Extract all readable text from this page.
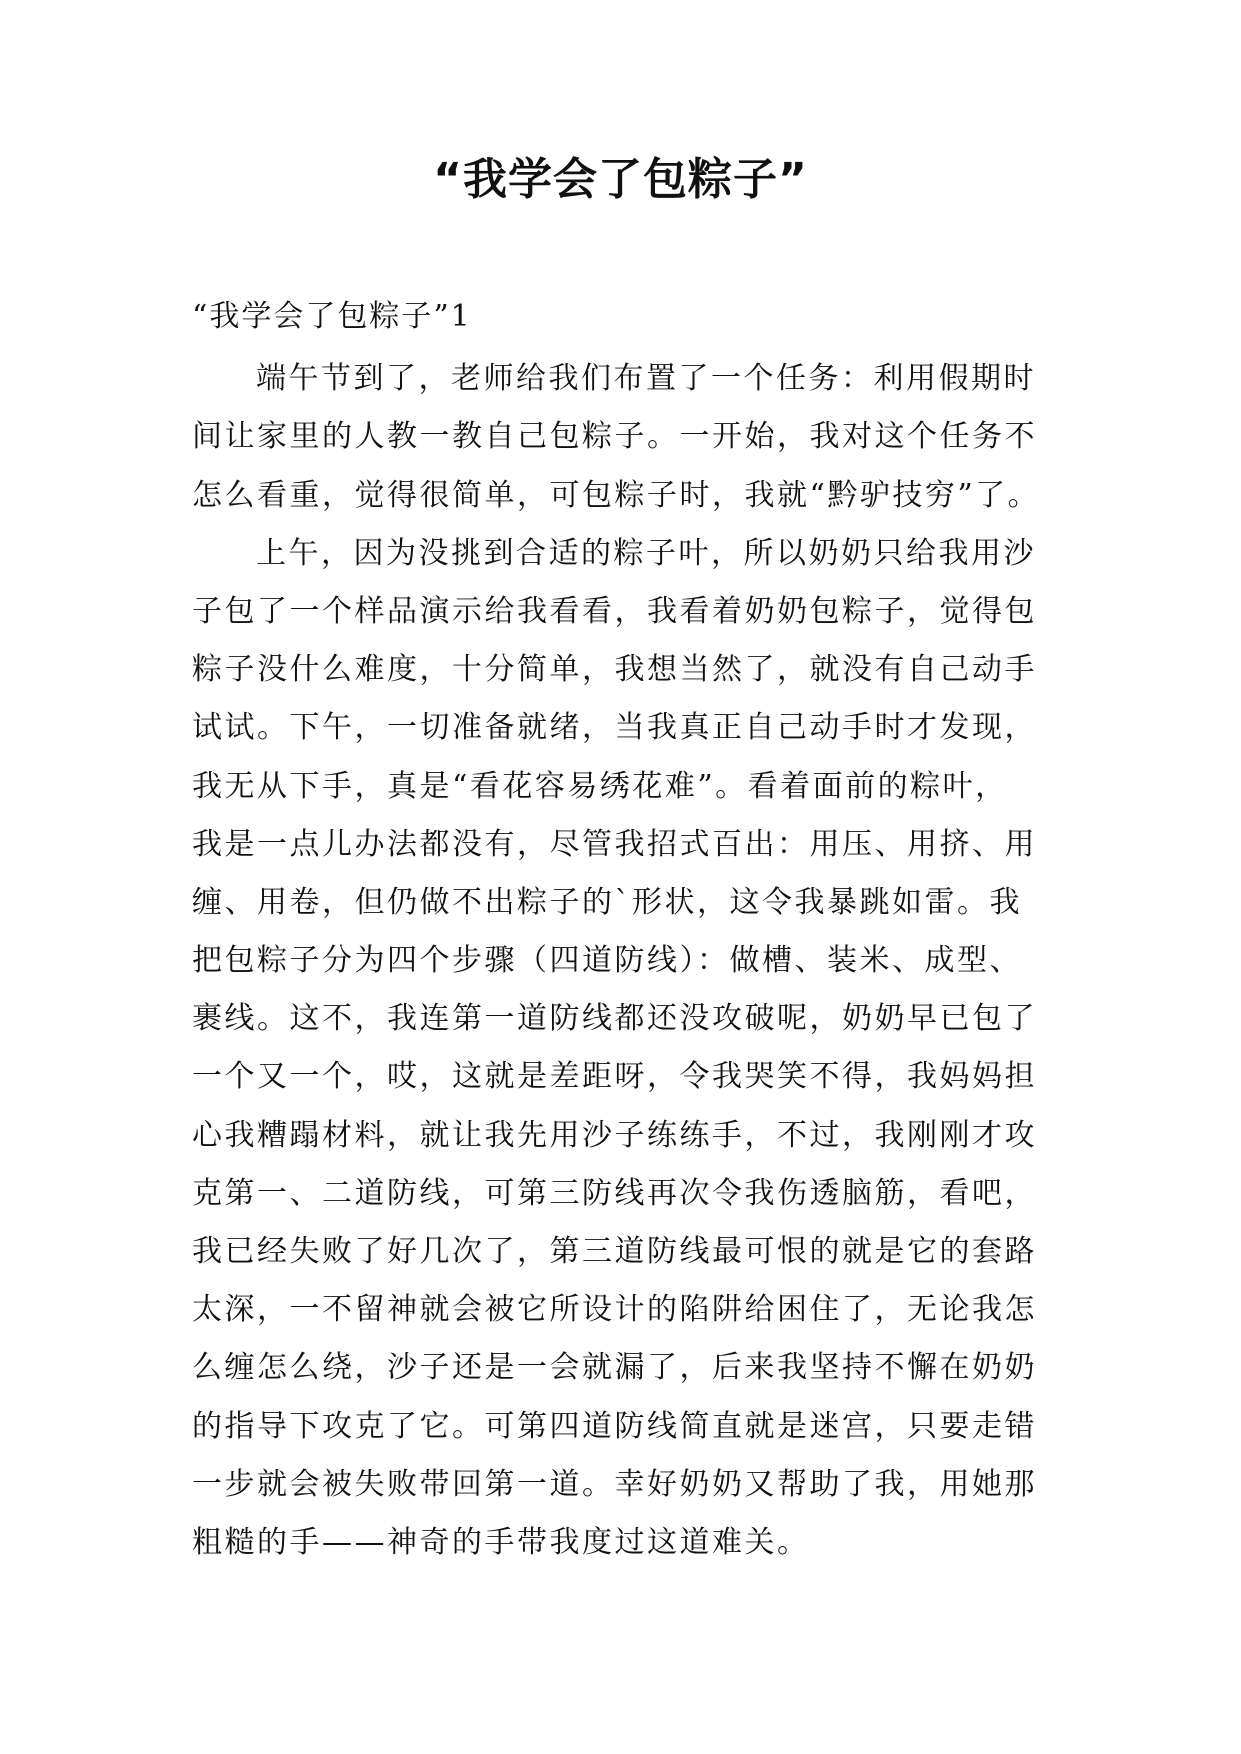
“我学会了包粽子”
“我学会了包粽子”1
端午节到了，老师给我们布置了一个任务：利用假期时
间让家里的人教一教自己包粽子。一开始，我对这个任务不
怎么看重，觉得很简单，可包粽子时，我就“黔驴技穷”了。
上午，因为没挑到合适的粽子叶，所以奶奶只给我用沙
子包了一个样品演示给我看看，我看着奶奶包粽子，觉得包
粽子没什么难度，十分简单，我想当然了，就没有自己动手
试试。下午，一切准备就绪，当我真正自己动手时才发现，
我无从下手，真是“看花容易绣花难”。看着面前的粽叶，
我是一点儿办法都没有，尽管我招式百出：用压、用挤、用
缠、用卷，但仍做不出粽子的`形状，这令我暴跳如雷。我
把包粽子分为四个步骤（四道防线）：做槽、装米、成型、
裹线。这不，我连第一道防线都还没攻破呢，奶奶早已包了
一个又一个，哎，这就是差距呀，令我哭笑不得，我妈妈担
心我糟蹋材料，就让我先用沙子练练手，不过，我刚刚才攻
克第一、二道防线，可第三防线再次令我伤透脑筋，看吧，
我已经失败了好几次了，第三道防线最可恨的就是它的套路
太深，一不留神就会被它所设计的陷阱给困住了，无论我怎
么缠怎么绕，沙子还是一会就漏了，后来我坚持不懈在奶奶
的指导下攻克了它。可第四道防线简直就是迷宫，只要走错
一步就会被失败带回第一道。幸好奶奶又帮助了我，用她那
粗糙的手——神奇的手带我度过这道难关。
